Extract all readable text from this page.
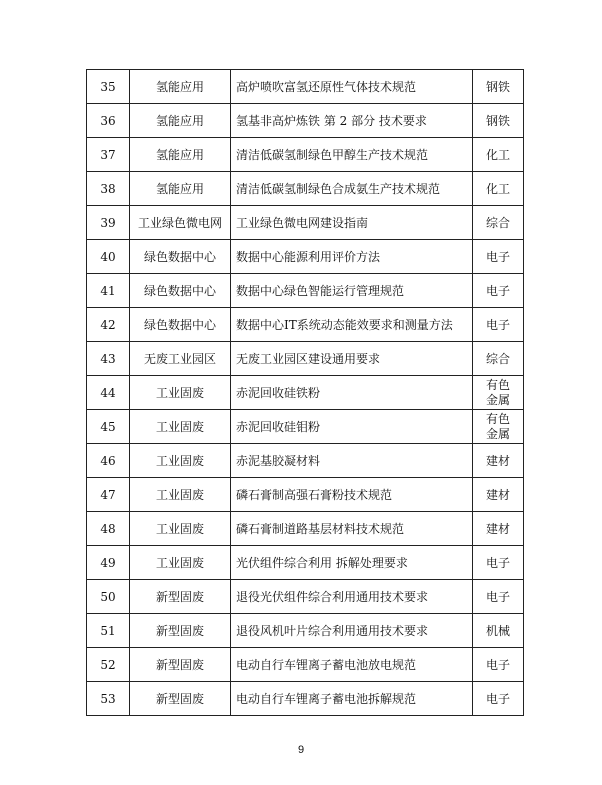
35	氢能应用	高炉喷吹富氢还原性气体技术规范	钢铁
36	氢能应用	氢基非高炉炼铁 第 2 部分 技术要求	钢铁
37	氢能应用	清洁低碳氢制绿色甲醇生产技术规范	化工
38	氢能应用	清洁低碳氢制绿色合成氨生产技术规范	化工
39	工业绿色微电网	工业绿色微电网建设指南	综合
40	绿色数据中心	数据中心能源利用评价方法	电子
41	绿色数据中心	数据中心绿色智能运行管理规范	电子
42	绿色数据中心	数据中心IT系统动态能效要求和测量方法	电子
43	无废工业园区	无废工业园区建设通用要求	综合
44	工业固废	赤泥回收硅铁粉	有色金属
45	工业固废	赤泥回收硅钼粉	有色金属
46	工业固废	赤泥基胶凝材料	建材
47	工业固废	磷石膏制高强石膏粉技术规范	建材
48	工业固废	磷石膏制道路基层材料技术规范	建材
49	工业固废	光伏组件综合利用 拆解处理要求	电子
50	新型固废	退役光伏组件综合利用通用技术要求	电子
51	新型固废	退役风机叶片综合利用通用技术要求	机械
52	新型固废	电动自行车锂离子蓄电池放电规范	电子
53	新型固废	电动自行车锂离子蓄电池拆解规范	电子
9
